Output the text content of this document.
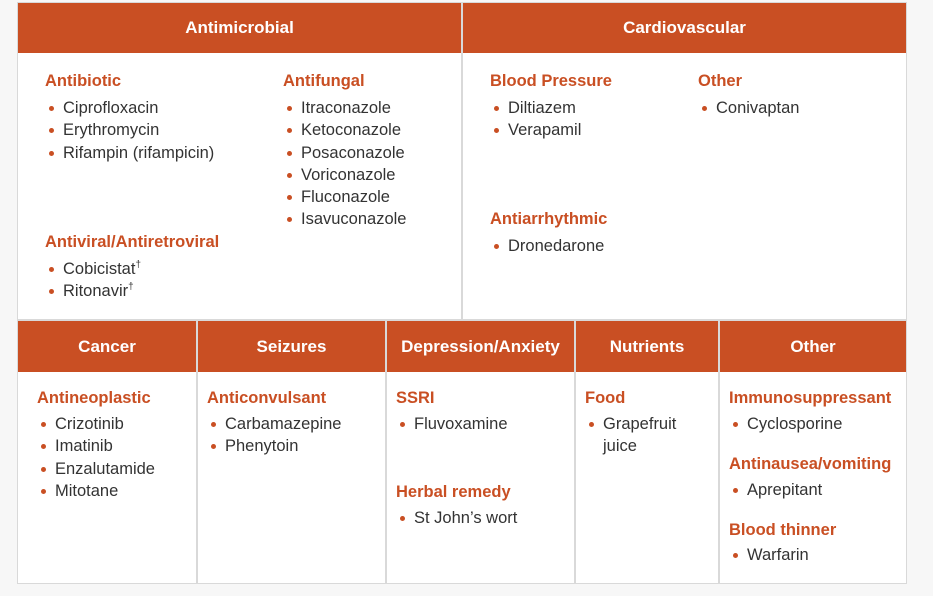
Antimicrobial
Antibiotic
Ciprofloxacin
Erythromycin
Rifampin (rifampicin)
Antifungal
Itraconazole
Ketoconazole
Posaconazole
Voriconazole
Fluconazole
Isavuconazole
Antiviral/Antiretroviral
Cobicistat†
Ritonavir†
Cardiovascular
Blood Pressure
Diltiazem
Verapamil
Other
Conivaptan
Antiarrhythmic
Dronedarone
Cancer
Antineoplastic
Crizotinib
Imatinib
Enzalutamide
Mitotane
Seizures
Anticonvulsant
Carbamazepine
Phenytoin
Depression/Anxiety
SSRI
Fluvoxamine
Herbal remedy
St John’s wort
Nutrients
Food
Grapefruit juice
Other
Immunosuppressant
Cyclosporine
Antinausea/vomiting
Aprepitant
Blood thinner
Warfarin
